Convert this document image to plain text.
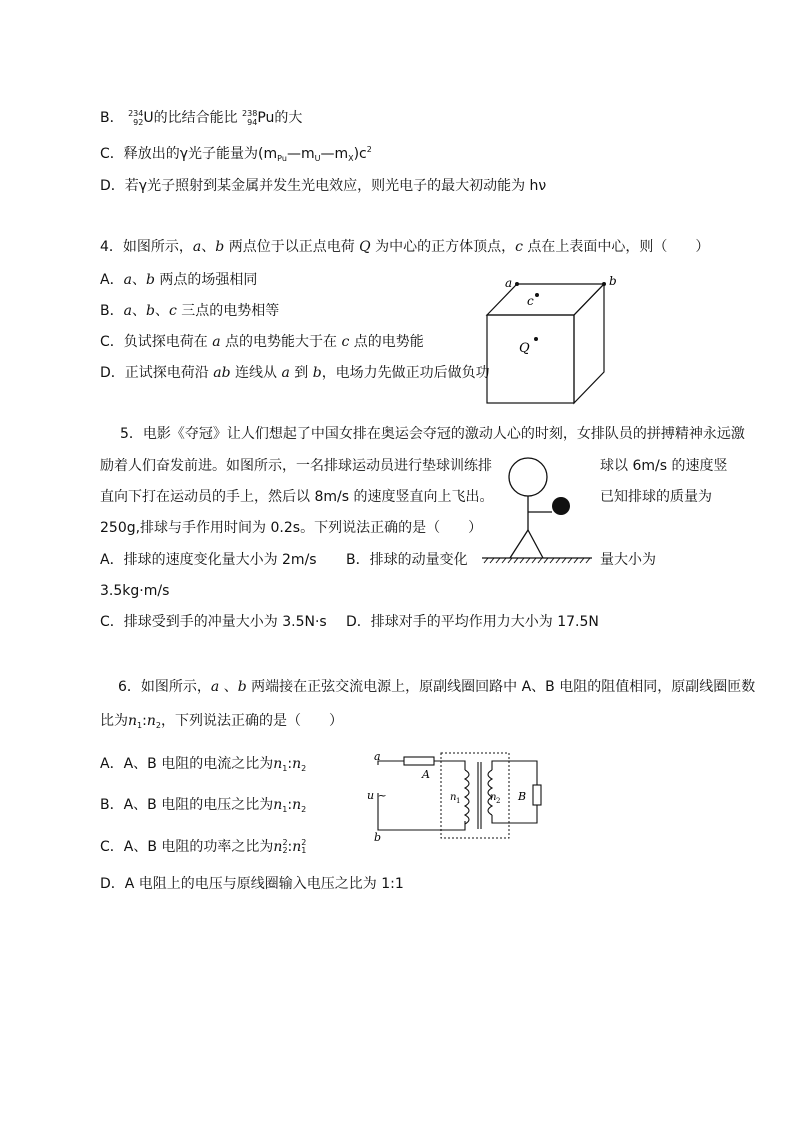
B． 234
92U的比结合能比 238
94Pu的大
C．释放出的γ光子能量为$(m_{Pu}—m_U—m_X)c^2$
D．若γ光子照射到某金属并发生光电效应，则光电子的最大初动能为 hν
4．如图所示，a、b 两点位于以正点电荷 Q 为中心的正方体顶点，c 点在上表面中心，则（　　）
A．a、b 两点的场强相同
B．a、b、c 三点的电势相等
C．负试探电荷在 a 点的电势能大于在 c 点的电势能
D．正试探电荷沿 ab 连线从 a 到 b，电场力先做正功后做负功
a	b
c
Q
5．电影《夺冠》让人们想起了中国女排在奥运会夺冠的激动人心的时刻，女排队员的拼搏精神永远激
励着人们奋发前进。如图所示，一名排球运动员进行垫球训练排	球以 6m/s 的速度竖
直向下打在运动员的手上，然后以 8m/s 的速度竖直向上飞出。	已知排球的质量为
250g,排球与手作用时间为 0.2s。下列说法正确的是（　　）
A．排球的速度变化量大小为 2m/s B．排球的动量变化	量大小为
3.5kg·m/s
C．排球受到手的冲量大小为 3.5N·s D．排球对手的平均作用力大小为 17.5N
6．如图所示，a 、b 两端接在正弦交流电源上，原副线圈回路中 A、B 电阻的阻值相同，原副线圈匝数
比为$n_1:n_2$，下列说法正确的是（　　）
A．A、B 电阻的电流之比为$n_1:n_2$
B．A、B 电阻的电压之比为$n_1:n_2$
C．A、B 电阻的功率之比为n2
2:n2
1
D．A 电阻上的电压与原线圈输入电压之比为 1:1
a
b
u ~
A
B
n 1	n 2
